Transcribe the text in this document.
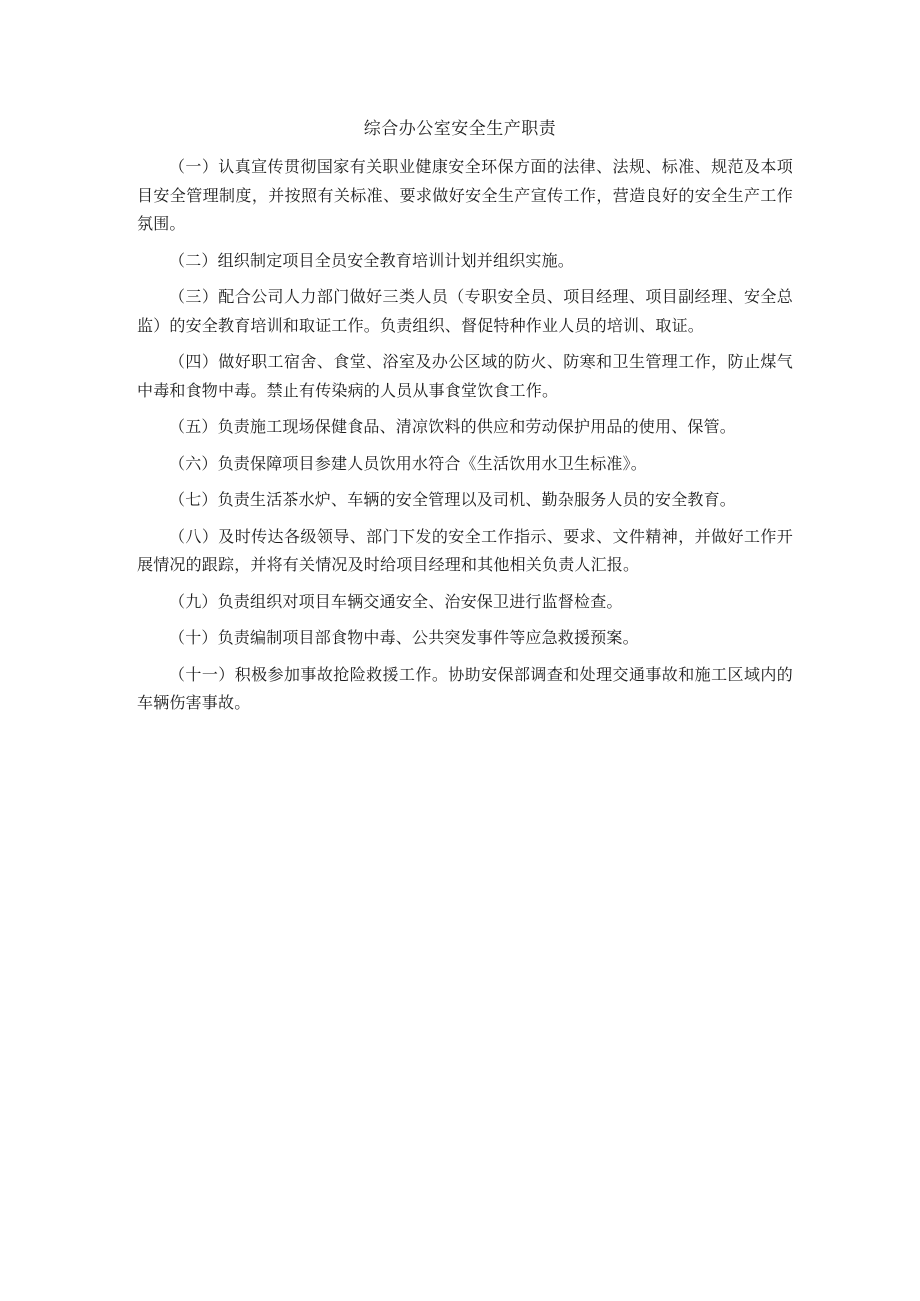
综合办公室安全生产职责

（一）认真宣传贯彻国家有关职业健康安全环保方面的法律、法规、标准、规范及本项目安全管理制度，并按照有关标准、要求做好安全生产宣传工作，营造良好的安全生产工作氛围。

（二）组织制定项目全员安全教育培训计划并组织实施。

（三）配合公司人力部门做好三类人员（专职安全员、项目经理、项目副经理、安全总监）的安全教育培训和取证工作。负责组织、督促特种作业人员的培训、取证。

（四）做好职工宿舍、食堂、浴室及办公区域的防火、防寒和卫生管理工作，防止煤气中毒和食物中毒。禁止有传染病的人员从事食堂饮食工作。

（五）负责施工现场保健食品、清凉饮料的供应和劳动保护用品的使用、保管。

（六）负责保障项目参建人员饮用水符合《生活饮用水卫生标准》。

（七）负责生活茶水炉、车辆的安全管理以及司机、勤杂服务人员的安全教育。

（八）及时传达各级领导、部门下发的安全工作指示、要求、文件精神，并做好工作开展情况的跟踪，并将有关情况及时给项目经理和其他相关负责人汇报。

（九）负责组织对项目车辆交通安全、治安保卫进行监督检查。

（十）负责编制项目部食物中毒、公共突发事件等应急救援预案。

（十一）积极参加事故抢险救援工作。协助安保部调查和处理交通事故和施工区域内的车辆伤害事故。
